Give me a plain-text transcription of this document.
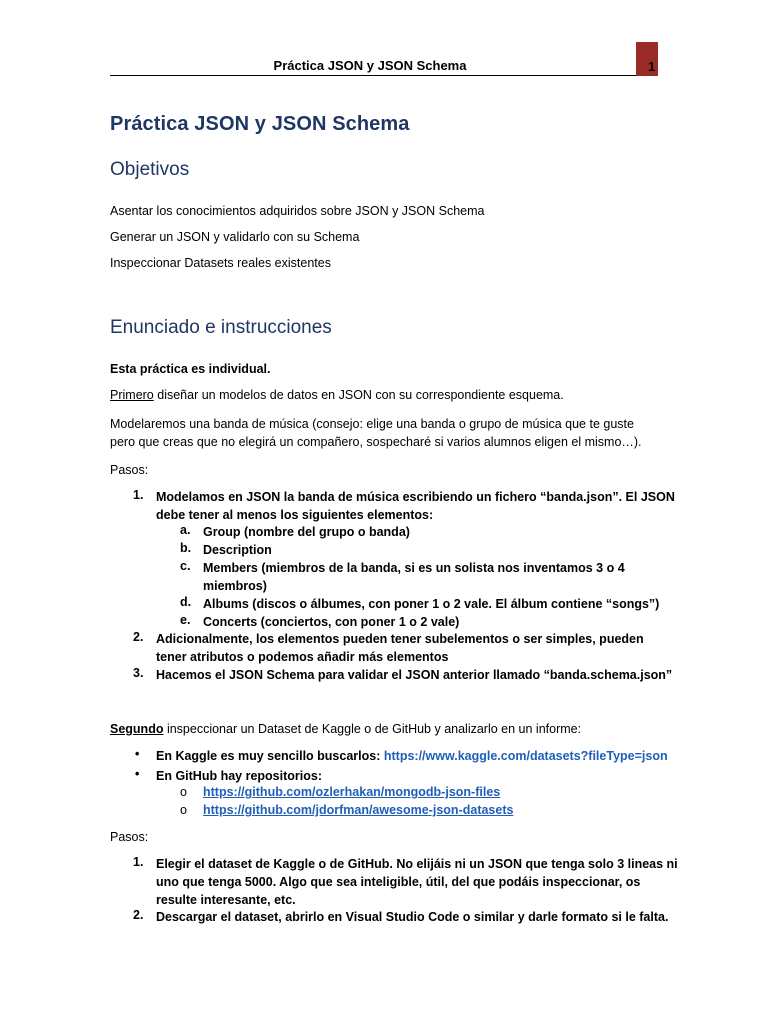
Práctica JSON y JSON Schema	1
Práctica JSON y JSON Schema
Objetivos
Asentar los conocimientos adquiridos sobre JSON y JSON Schema
Generar un JSON y validarlo con su Schema
Inspeccionar Datasets reales existentes
Enunciado e instrucciones
Esta práctica es individual.
Primero diseñar un modelos de datos en JSON con su correspondiente esquema.
Modelaremos una banda de música (consejo: elige una banda o grupo de música que te guste
pero que creas que no elegirá un compañero, sospecharé si varios alumnos eligen el mismo…).
Pasos:
1. Modelamos en JSON la banda de música escribiendo un fichero “banda.json”. El JSON
debe tener al menos los siguientes elementos:
a. Group (nombre del grupo o banda)
b. Description
c. Members (miembros de la banda, si es un solista nos inventamos 3 o 4
miembros)
d. Albums (discos o álbumes, con poner 1 o 2 vale. El álbum contiene “songs”)
e. Concerts (conciertos, con poner 1 o 2 vale)
2. Adicionalmente, los elementos pueden tener subelementos o ser simples, pueden
tener atributos o podemos añadir más elementos
3. Hacemos el JSON Schema para validar el JSON anterior llamado “banda.schema.json”
Segundo inspeccionar un Dataset de Kaggle o de GitHub y analizarlo en un informe:
• En Kaggle es muy sencillo buscarlos: https://www.kaggle.com/datasets?fileType=json
• En GitHub hay repositorios:
o https://github.com/ozlerhakan/mongodb-json-files
o https://github.com/jdorfman/awesome-json-datasets
Pasos:
1. Elegir el dataset de Kaggle o de GitHub. No elijáis ni un JSON que tenga solo 3 lineas ni
uno que tenga 5000. Algo que sea inteligible, útil, del que podáis inspeccionar, os
resulte interesante, etc.
2. Descargar el dataset, abrirlo en Visual Studio Code o similar y darle formato si le falta.
